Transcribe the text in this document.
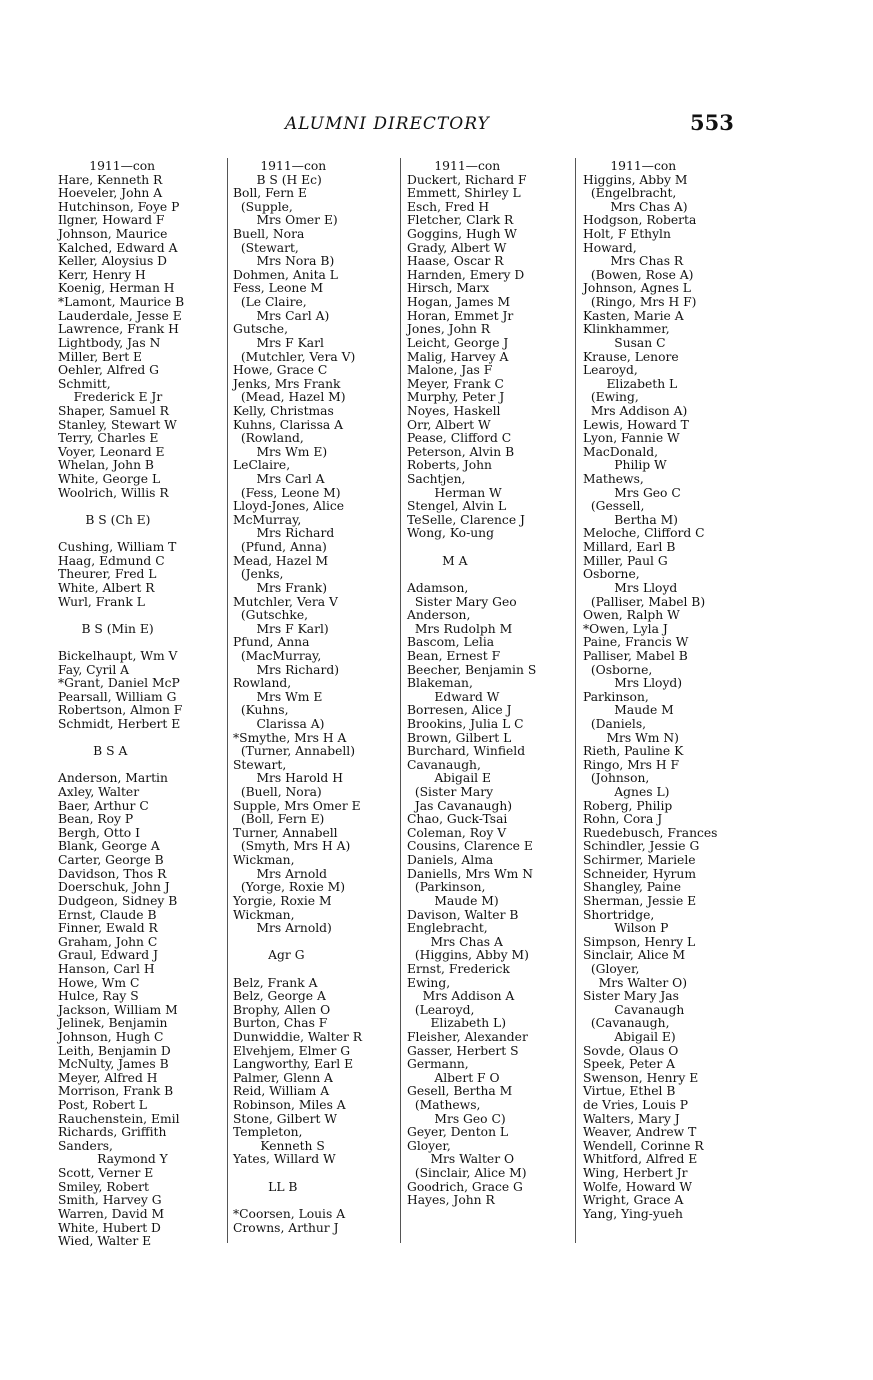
ALUMNI DIRECTORY	553
1911—con
Hare, Kenneth R
Hoeveler, John A
Hutchinson, Foye P
Ilgner, Howard F
Johnson, Maurice
Kalched, Edward A
Keller, Aloysius D
Kerr, Henry H
Koenig, Herman H
*Lamont, Maurice B
Lauderdale, Jesse E
Lawrence, Frank H
Lightbody, Jas N
Miller, Bert E
Oehler, Alfred G
Schmitt,
Frederick E Jr
Shaper, Samuel R
Stanley, Stewart W
Terry, Charles E
Voyer, Leonard E
Whelan, John B
White, George L
Woolrich, Willis R
B S (Ch E)
Cushing, William T
Haag, Edmund C
Theurer, Fred L
White, Albert R
Wurl, Frank L
B S (Min E)
Bickelhaupt, Wm V
Fay, Cyril A
*Grant, Daniel McP
Pearsall, William G
Robertson, Almon F
Schmidt, Herbert E
B S A
Anderson, Martin
Axley, Walter
Baer, Arthur C
Bean, Roy P
Bergh, Otto I
Blank, George A
Carter, George B
Davidson, Thos R
Doerschuk, John J
Dudgeon, Sidney B
Ernst, Claude B
Finner, Ewald R
Graham, John C
Graul, Edward J
Hanson, Carl H
Howe, Wm C
Hulce, Ray S
Jackson, William M
Jelinek, Benjamin
Johnson, Hugh C
Leith, Benjamin D
McNulty, James B
Meyer, Alfred H
Morrison, Frank B
Post, Robert L
Rauchenstein, Emil
Richards, Griffith
Sanders,
Raymond Y
Scott, Verner E
Smiley, Robert
Smith, Harvey G
Warren, David M
White, Hubert D
Wied, Walter E
1911—con
B S (H Ec)
Boll, Fern E
(Supple,
Mrs Omer E)
Buell, Nora
(Stewart,
Mrs Nora B)
Dohmen, Anita L
Fess, Leone M
(Le Claire,
Mrs Carl A)
Gutsche,
Mrs F Karl
(Mutchler, Vera V)
Howe, Grace C
Jenks, Mrs Frank
(Mead, Hazel M)
Kelly, Christmas
Kuhns, Clarissa A
(Rowland,
Mrs Wm E)
LeClaire,
Mrs Carl A
(Fess, Leone M)
Lloyd-Jones, Alice
McMurray,
Mrs Richard
(Pfund, Anna)
Mead, Hazel M
(Jenks,
Mrs Frank)
Mutchler, Vera V
(Gutschke,
Mrs F Karl)
Pfund, Anna
(MacMurray,
Mrs Richard)
Rowland,
Mrs Wm E
(Kuhns,
Clarissa A)
*Smythe, Mrs H A
(Turner, Annabell)
Stewart,
Mrs Harold H
(Buell, Nora)
Supple, Mrs Omer E
(Boll, Fern E)
Turner, Annabell
(Smyth, Mrs H A)
Wickman,
Mrs Arnold
(Yorge, Roxie M)
Yorgie, Roxie M
Wickman,
Mrs Arnold)
Agr G
Belz, Frank A
Belz, George A
Brophy, Allen O
Burton, Chas F
Dunwiddie, Walter R
Elvehjem, Elmer G
Langworthy, Earl E
Palmer, Glenn A
Reid, William A
Robinson, Miles A
Stone, Gilbert W
Templeton,
Kenneth S
Yates, Willard W
LL B
*Coorsen, Louis A
Crowns, Arthur J
1911—con
Duckert, Richard F
Emmett, Shirley L
Esch, Fred H
Fletcher, Clark R
Goggins, Hugh W
Grady, Albert W
Haase, Oscar R
Harnden, Emery D
Hirsch, Marx
Hogan, James M
Horan, Emmet Jr
Jones, John R
Leicht, George J
Malig, Harvey A
Malone, Jas F
Meyer, Frank C
Murphy, Peter J
Noyes, Haskell
Orr, Albert W
Pease, Clifford C
Peterson, Alvin B
Roberts, John
Sachtjen,
Herman W
Stengel, Alvin L
TeSelle, Clarence J
Wong, Ko-ung
M A
Adamson,
Sister Mary Geo
Anderson,
Mrs Rudolph M
Bascom, Lelia
Bean, Ernest F
Beecher, Benjamin S
Blakeman,
Edward W
Borresen, Alice J
Brookins, Julia L C
Brown, Gilbert L
Burchard, Winfield
Cavanaugh,
Abigail E
(Sister Mary
Jas Cavanaugh)
Chao, Guck-Tsai
Coleman, Roy V
Cousins, Clarence E
Daniels, Alma
Daniells, Mrs Wm N
(Parkinson,
Maude M)
Davison, Walter B
Englebracht,
Mrs Chas A
(Higgins, Abby M)
Ernst, Frederick
Ewing,
Mrs Addison A
(Learoyd,
Elizabeth L)
Fleisher, Alexander
Gasser, Herbert S
Germann,
Albert F O
Gesell, Bertha M
(Mathews,
Mrs Geo C)
Geyer, Denton L
Gloyer,
Mrs Walter O
(Sinclair, Alice M)
Goodrich, Grace G
Hayes, John R
1911—con
Higgins, Abby M
(Engelbracht,
Mrs Chas A)
Hodgson, Roberta
Holt, F Ethyln
Howard,
Mrs Chas R
(Bowen, Rose A)
Johnson, Agnes L
(Ringo, Mrs H F)
Kasten, Marie A
Klinkhammer,
Susan C
Krause, Lenore
Learoyd,
Elizabeth L
(Ewing,
Mrs Addison A)
Lewis, Howard T
Lyon, Fannie W
MacDonald,
Philip W
Mathews,
Mrs Geo C
(Gessell,
Bertha M)
Meloche, Clifford C
Millard, Earl B
Miller, Paul G
Osborne,
Mrs Lloyd
(Palliser, Mabel B)
Owen, Ralph W
*Owen, Lyla J
Paine, Francis W
Palliser, Mabel B
(Osborne,
Mrs Lloyd)
Parkinson,
Maude M
(Daniels,
Mrs Wm N)
Rieth, Pauline K
Ringo, Mrs H F
(Johnson,
Agnes L)
Roberg, Philip
Rohn, Cora J
Ruedebusch, Frances
Schindler, Jessie G
Schirmer, Mariele
Schneider, Hyrum
Shangley, Paine
Sherman, Jessie E
Shortridge,
Wilson P
Simpson, Henry L
Sinclair, Alice M
(Gloyer,
Mrs Walter O)
Sister Mary Jas
Cavanaugh
(Cavanaugh,
Abigail E)
Sovde, Olaus O
Speek, Peter A
Swenson, Henry E
Virtue, Ethel B
de Vries, Louis P
Walters, Mary J
Weaver, Andrew T
Wendell, Corinne R
Whitford, Alfred E
Wing, Herbert Jr
Wolfe, Howard W
Wright, Grace A
Yang, Ying-yueh
